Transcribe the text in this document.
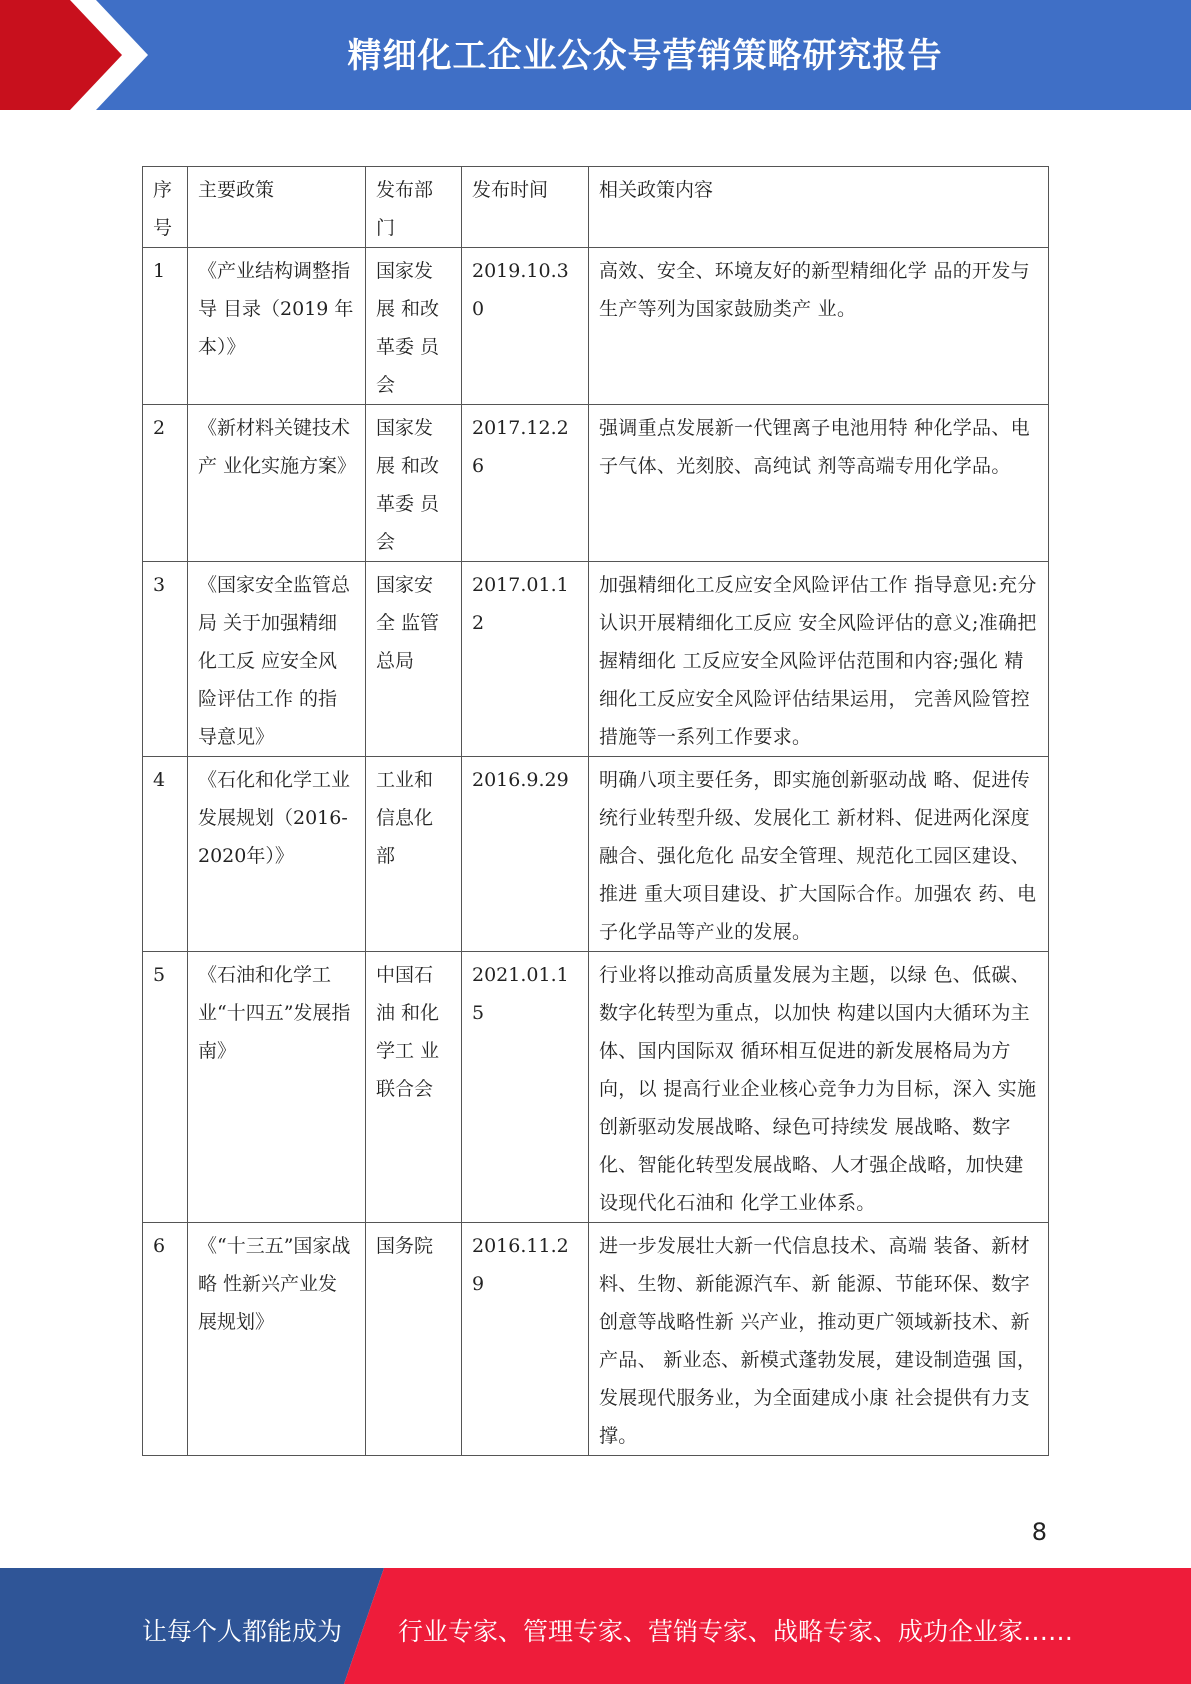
精细化工企业公众号营销策略研究报告
序号	主要政策	发布部门	发布时间	相关政策内容
1	《产业结构调整指导 目录（2019 年本）》	国家发展 和改革委 员会	2019.10.30	高效、安全、环境友好的新型精细化学 品的开发与生产等列为国家鼓励类产 业。
2	《新材料关键技术产 业化实施方案》	国家发展 和改革委 员会	2017.12.26	强调重点发展新一代锂离子电池用特 种化学品、电子气体、光刻胶、高纯试 剂等高端专用化学品。
3	《国家安全监管总局 关于加强精细化工反 应安全风险评估工作 的指导意见》	国家安全 监管总局	2017.01.12	加强精细化工反应安全风险评估工作 指导意见:充分认识开展精细化工反应 安全风险评估的意义;准确把握精细化 工反应安全风险评估范围和内容;强化 精细化工反应安全风险评估结果运用， 完善风险管控措施等一系列工作要求。
4	《石化和化学工业发展规划（2016-2020年）》	工业和信息化部	2016.9.29	明确八项主要任务，即实施创新驱动战 略、促进传统行业转型升级、发展化工 新材料、促进两化深度融合、强化危化 品安全管理、规范化工园区建设、推进 重大项目建设、扩大国际合作。加强农 药、电子化学品等产业的发展。
5	《石油和化学工业“十四五”发展指 南》	中国石油 和化学工 业联合会	2021.01.15	行业将以推动高质量发展为主题，以绿 色、低碳、数字化转型为重点，以加快 构建以国内大循环为主体、国内国际双 循环相互促进的新发展格局为方向，以 提高行业企业核心竞争力为目标，深入 实施创新驱动发展战略、绿色可持续发 展战略、数字化、智能化转型发展战略、人才强企战略，加快建设现代化石油和 化学工业体系。
6	《“十三五”国家战略 性新兴产业发展规划》	国务院	2016.11.29	进一步发展壮大新一代信息技术、高端 装备、新材料、生物、新能源汽车、新 能源、节能环保、数字创意等战略性新 兴产业，推动更广领域新技术、新产品、 新业态、新模式蓬勃发展，建设制造强 国，发展现代服务业，为全面建成小康 社会提供有力支撑。
8
让每个人都能成为 行业专家、管理专家、营销专家、战略专家、成功企业家……
